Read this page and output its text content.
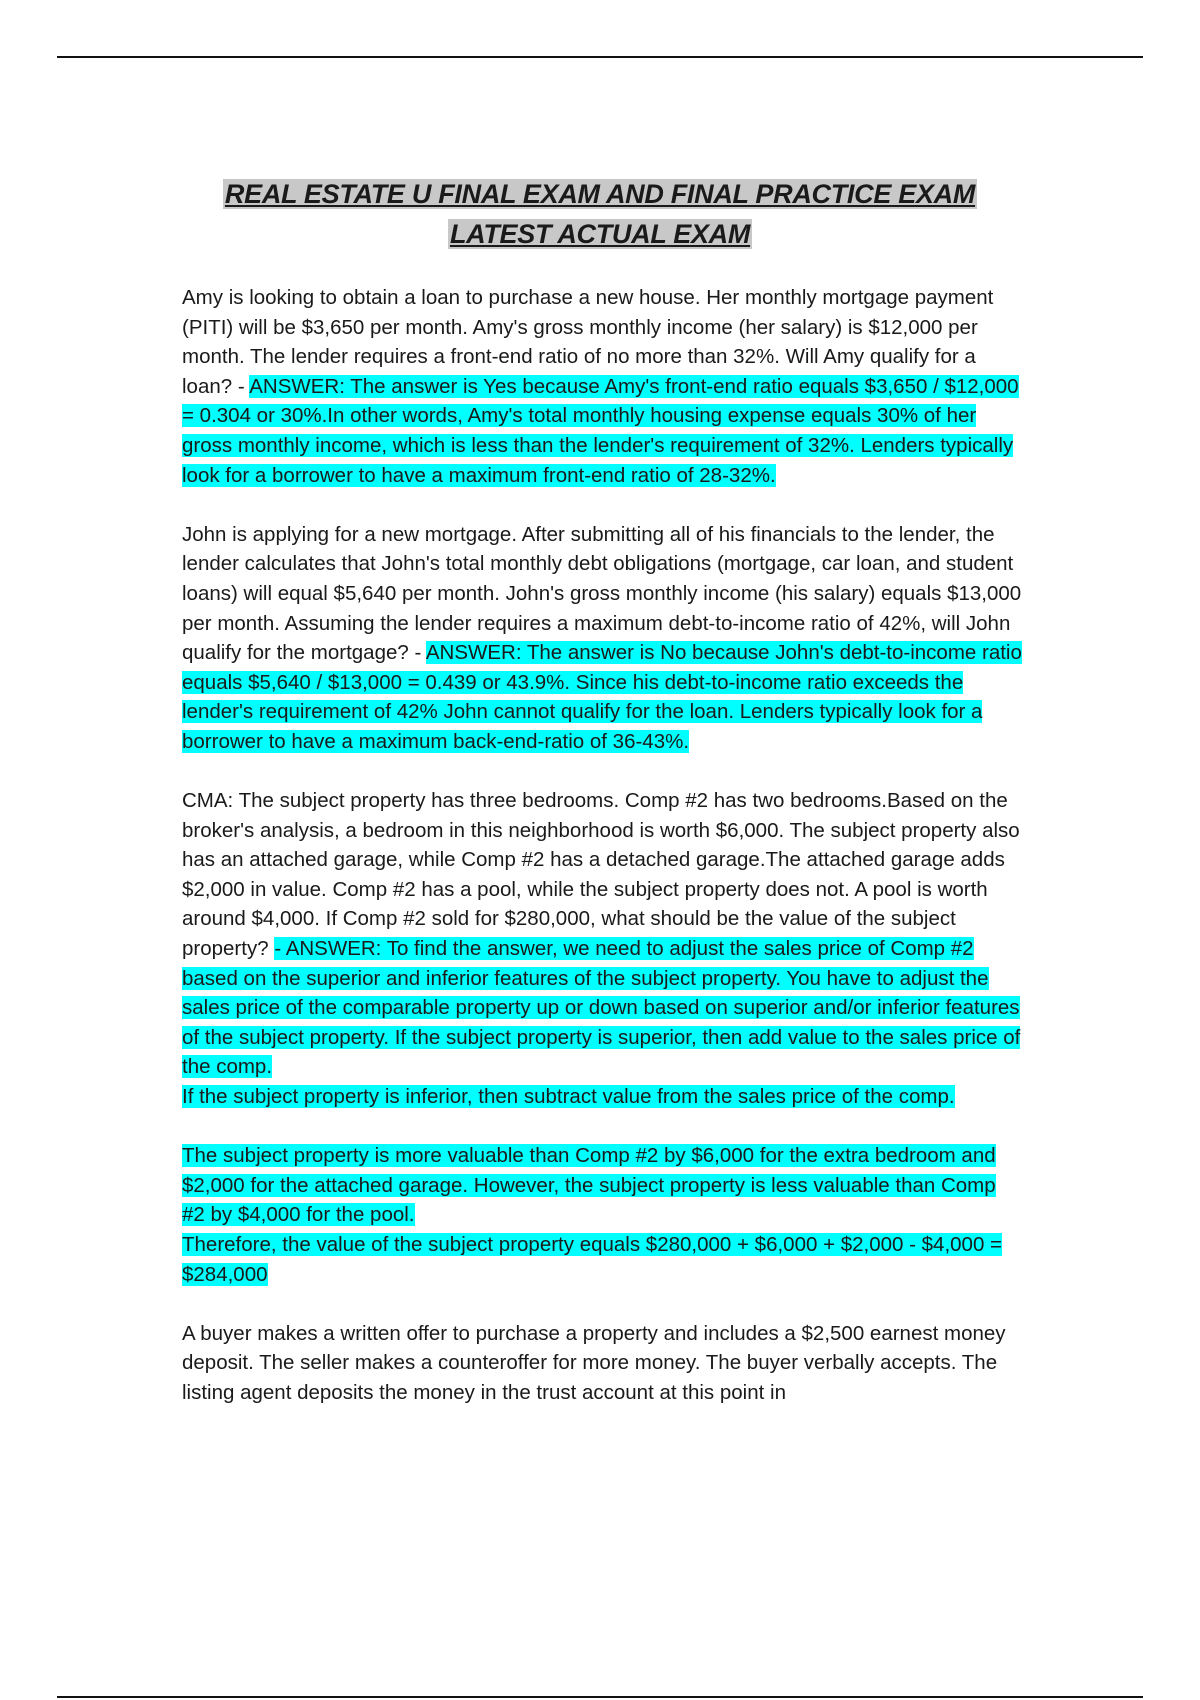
REAL ESTATE U FINAL EXAM AND FINAL PRACTICE EXAM
LATEST ACTUAL EXAM

Amy is looking to obtain a loan to purchase a new house. Her monthly mortgage payment (PITI) will be $3,650 per month. Amy's gross monthly income (her salary) is $12,000 per month. The lender requires a front-end ratio of no more than 32%. Will Amy qualify for a loan? - ANSWER: The answer is Yes because Amy's front-end ratio equals $3,650 / $12,000 = 0.304 or 30%.In other words, Amy's total monthly housing expense equals 30% of her gross monthly income, which is less than the lender's requirement of 32%. Lenders typically look for a borrower to have a maximum front-end ratio of 28-32%.

John is applying for a new mortgage. After submitting all of his financials to the lender, the lender calculates that John's total monthly debt obligations (mortgage, car loan, and student loans) will equal $5,640 per month. John's gross monthly income (his salary) equals $13,000 per month. Assuming the lender requires a maximum debt-to-income ratio of 42%, will John qualify for the mortgage? - ANSWER: The answer is No because John's debt-to-income ratio equals $5,640 / $13,000 = 0.439 or 43.9%. Since his debt-to-income ratio exceeds the lender's requirement of 42% John cannot qualify for the loan. Lenders typically look for a borrower to have a maximum back-end-ratio of 36-43%.

CMA: The subject property has three bedrooms. Comp #2 has two bedrooms.Based on the broker's analysis, a bedroom in this neighborhood is worth $6,000. The subject property also has an attached garage, while Comp #2 has a detached garage.The attached garage adds $2,000 in value. Comp #2 has a pool, while the subject property does not. A pool is worth around $4,000. If Comp #2 sold for $280,000, what should be the value of the subject property? - ANSWER: To find the answer, we need to adjust the sales price of Comp #2 based on the superior and inferior features of the subject property. You have to adjust the sales price of the comparable property up or down based on superior and/or inferior features of the subject property. If the subject property is superior, then add value to the sales price of the comp.
If the subject property is inferior, then subtract value from the sales price of the comp.

The subject property is more valuable than Comp #2 by $6,000 for the extra bedroom and $2,000 for the attached garage. However, the subject property is less valuable than Comp #2 by $4,000 for the pool.
Therefore, the value of the subject property equals $280,000 + $6,000 + $2,000 - $4,000 = $284,000

A buyer makes a written offer to purchase a property and includes a $2,500 earnest money deposit. The seller makes a counteroffer for more money. The buyer verbally accepts. The listing agent deposits the money in the trust account at this point in
